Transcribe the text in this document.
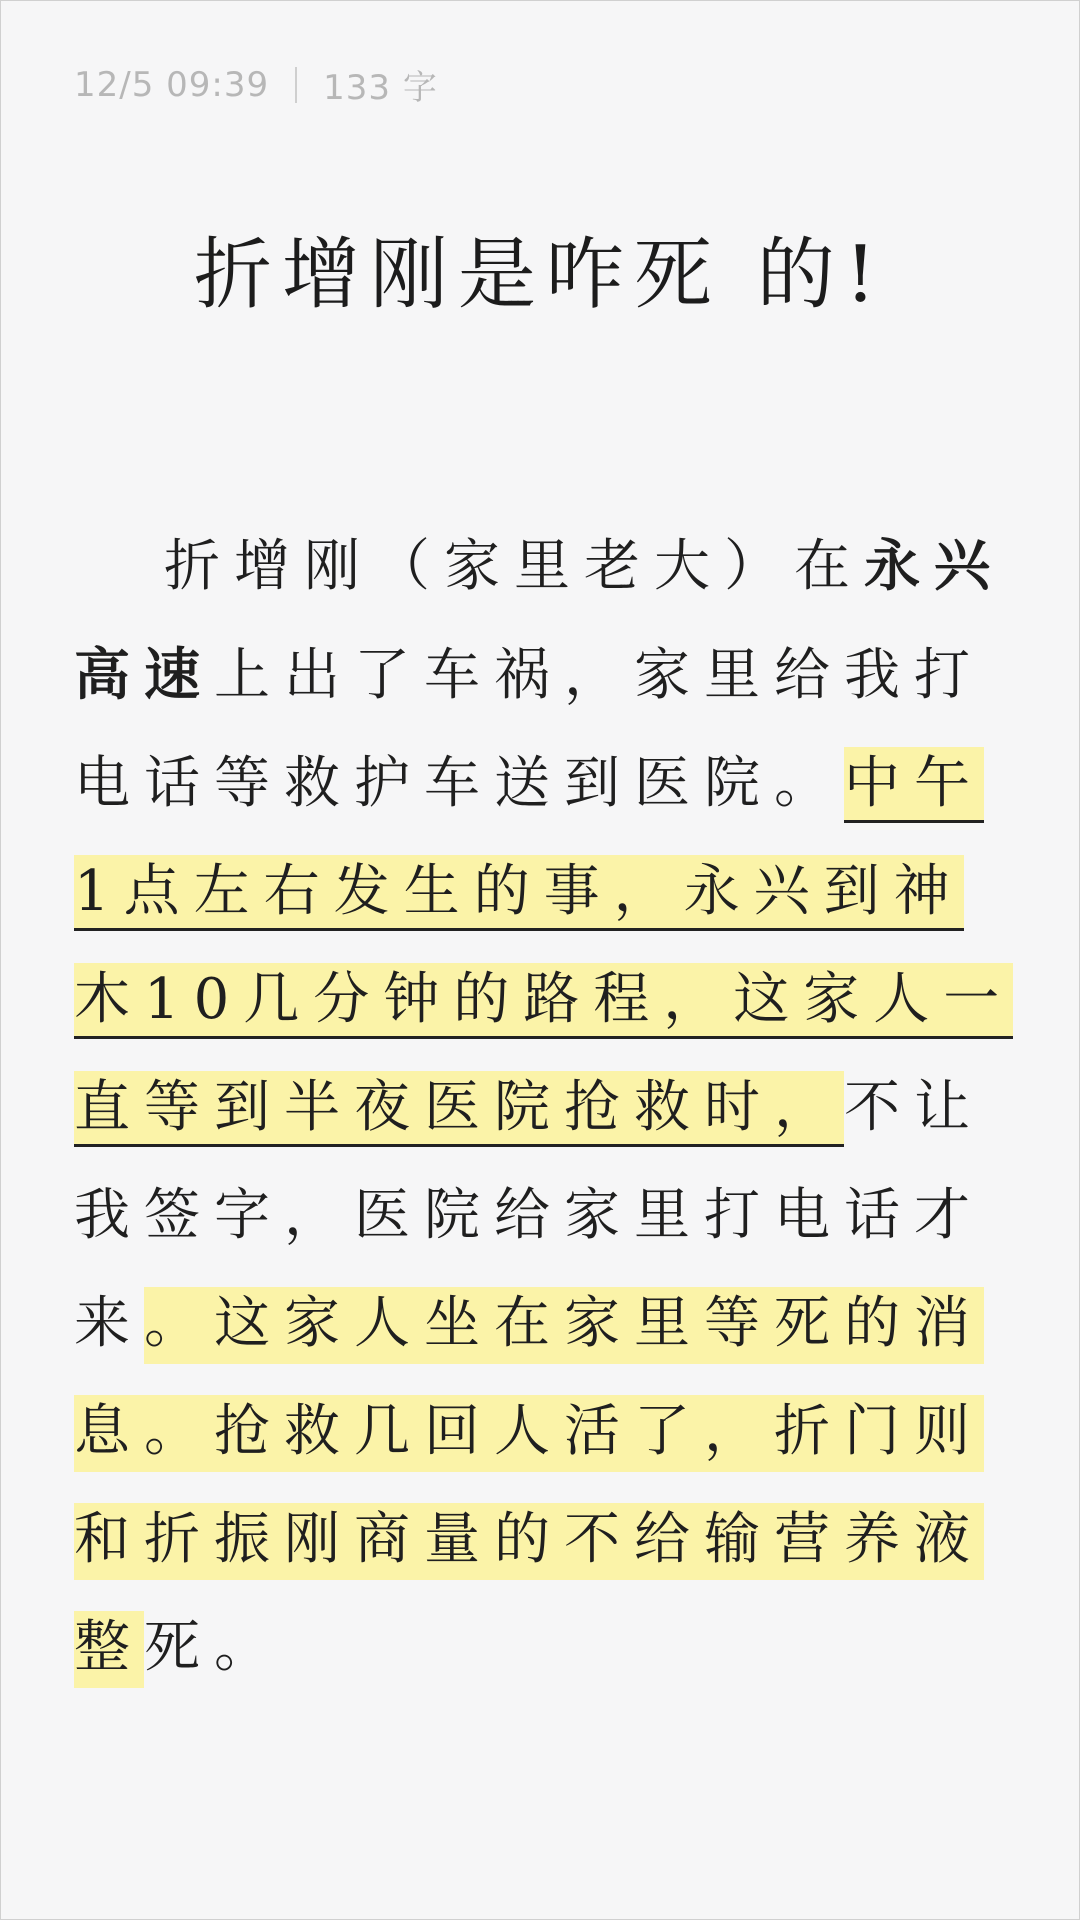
12/5 09:39 133 字
折增刚是咋死 的!

折增刚（家里老大）在永兴高速上出了车祸，家里给我打电话等救护车送到医院。中午1点左右发生的事，永兴到神木10几分钟的路程，这家人一直等到半夜医院抢救时，不让我签字，医院给家里打电话才来。这家人坐在家里等死的消息。抢救几回人活了，折门则和折振刚商量的不给输营养液整死。
